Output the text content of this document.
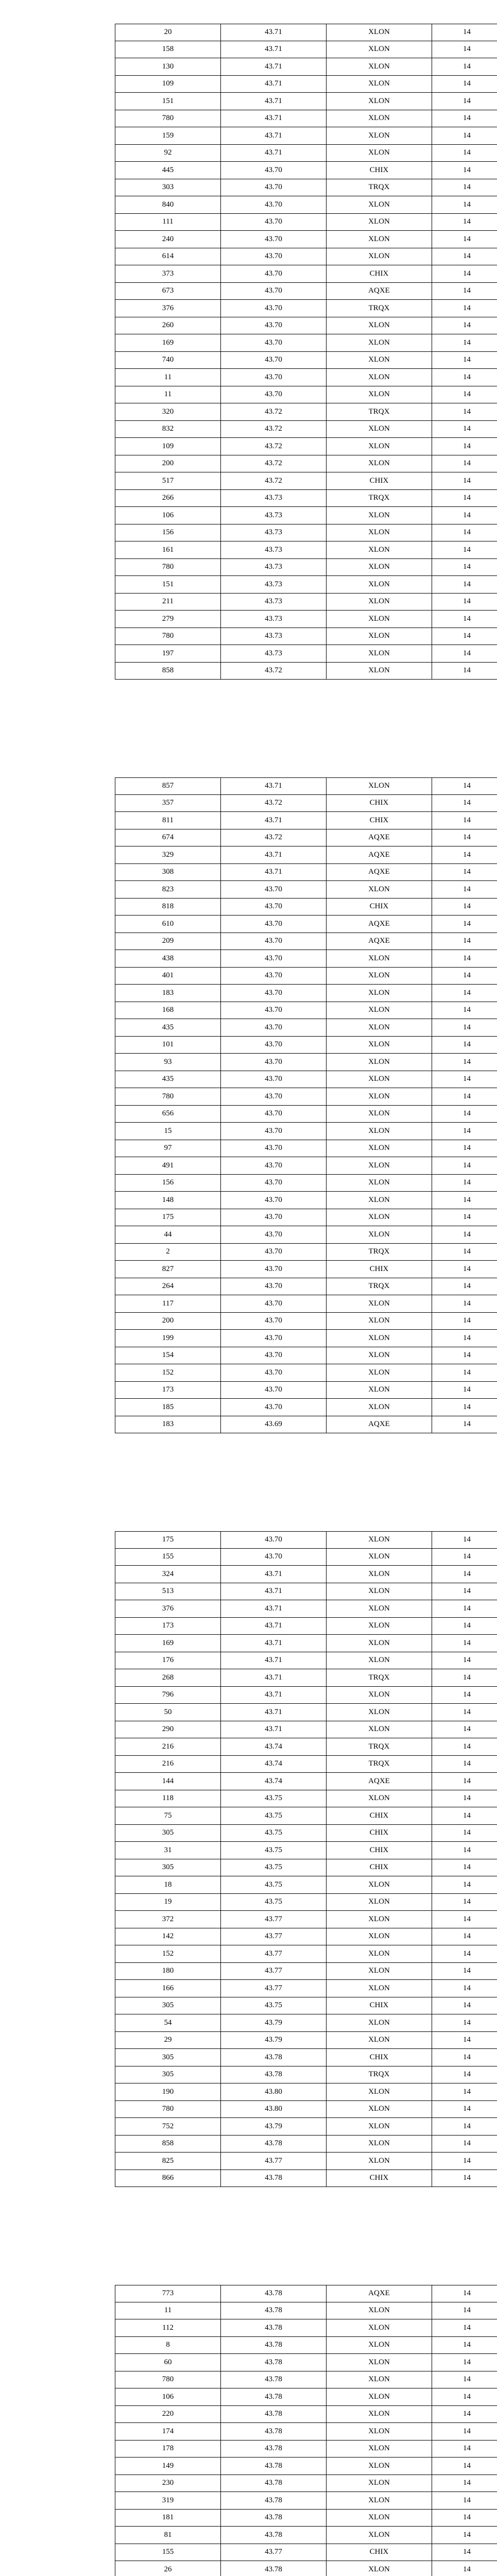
20	43.71	XLON	14
158	43.71	XLON	14
130	43.71	XLON	14
109	43.71	XLON	14
151	43.71	XLON	14
780	43.71	XLON	14
159	43.71	XLON	14
92	43.71	XLON	14
445	43.70	CHIX	14
303	43.70	TRQX	14
840	43.70	XLON	14
111	43.70	XLON	14
240	43.70	XLON	14
614	43.70	XLON	14
373	43.70	CHIX	14
673	43.70	AQXE	14
376	43.70	TRQX	14
260	43.70	XLON	14
169	43.70	XLON	14
740	43.70	XLON	14
11	43.70	XLON	14
11	43.70	XLON	14
320	43.72	TRQX	14
832	43.72	XLON	14
109	43.72	XLON	14
200	43.72	XLON	14
517	43.72	CHIX	14
266	43.73	TRQX	14
106	43.73	XLON	14
156	43.73	XLON	14
161	43.73	XLON	14
780	43.73	XLON	14
151	43.73	XLON	14
211	43.73	XLON	14
279	43.73	XLON	14
780	43.73	XLON	14
197	43.73	XLON	14
858	43.72	XLON	14
857	43.71	XLON	14
357	43.72	CHIX	14
811	43.71	CHIX	14
674	43.72	AQXE	14
329	43.71	AQXE	14
308	43.71	AQXE	14
823	43.70	XLON	14
818	43.70	CHIX	14
610	43.70	AQXE	14
209	43.70	AQXE	14
438	43.70	XLON	14
401	43.70	XLON	14
183	43.70	XLON	14
168	43.70	XLON	14
435	43.70	XLON	14
101	43.70	XLON	14
93	43.70	XLON	14
435	43.70	XLON	14
780	43.70	XLON	14
656	43.70	XLON	14
15	43.70	XLON	14
97	43.70	XLON	14
491	43.70	XLON	14
156	43.70	XLON	14
148	43.70	XLON	14
175	43.70	XLON	14
44	43.70	XLON	14
2	43.70	TRQX	14
827	43.70	CHIX	14
264	43.70	TRQX	14
117	43.70	XLON	14
200	43.70	XLON	14
199	43.70	XLON	14
154	43.70	XLON	14
152	43.70	XLON	14
173	43.70	XLON	14
185	43.70	XLON	14
183	43.69	AQXE	14
175	43.70	XLON	14
155	43.70	XLON	14
324	43.71	XLON	14
513	43.71	XLON	14
376	43.71	XLON	14
173	43.71	XLON	14
169	43.71	XLON	14
176	43.71	XLON	14
268	43.71	TRQX	14
796	43.71	XLON	14
50	43.71	XLON	14
290	43.71	XLON	14
216	43.74	TRQX	14
216	43.74	TRQX	14
144	43.74	AQXE	14
118	43.75	XLON	14
75	43.75	CHIX	14
305	43.75	CHIX	14
31	43.75	CHIX	14
305	43.75	CHIX	14
18	43.75	XLON	14
19	43.75	XLON	14
372	43.77	XLON	14
142	43.77	XLON	14
152	43.77	XLON	14
180	43.77	XLON	14
166	43.77	XLON	14
305	43.75	CHIX	14
54	43.79	XLON	14
29	43.79	XLON	14
305	43.78	CHIX	14
305	43.78	TRQX	14
190	43.80	XLON	14
780	43.80	XLON	14
752	43.79	XLON	14
858	43.78	XLON	14
825	43.77	XLON	14
866	43.78	CHIX	14
773	43.78	AQXE	14
11	43.78	XLON	14
112	43.78	XLON	14
8	43.78	XLON	14
60	43.78	XLON	14
780	43.78	XLON	14
106	43.78	XLON	14
220	43.78	XLON	14
174	43.78	XLON	14
178	43.78	XLON	14
149	43.78	XLON	14
230	43.78	XLON	14
319	43.78	XLON	14
181	43.78	XLON	14
81	43.78	XLON	14
155	43.77	CHIX	14
26	43.78	XLON	14
